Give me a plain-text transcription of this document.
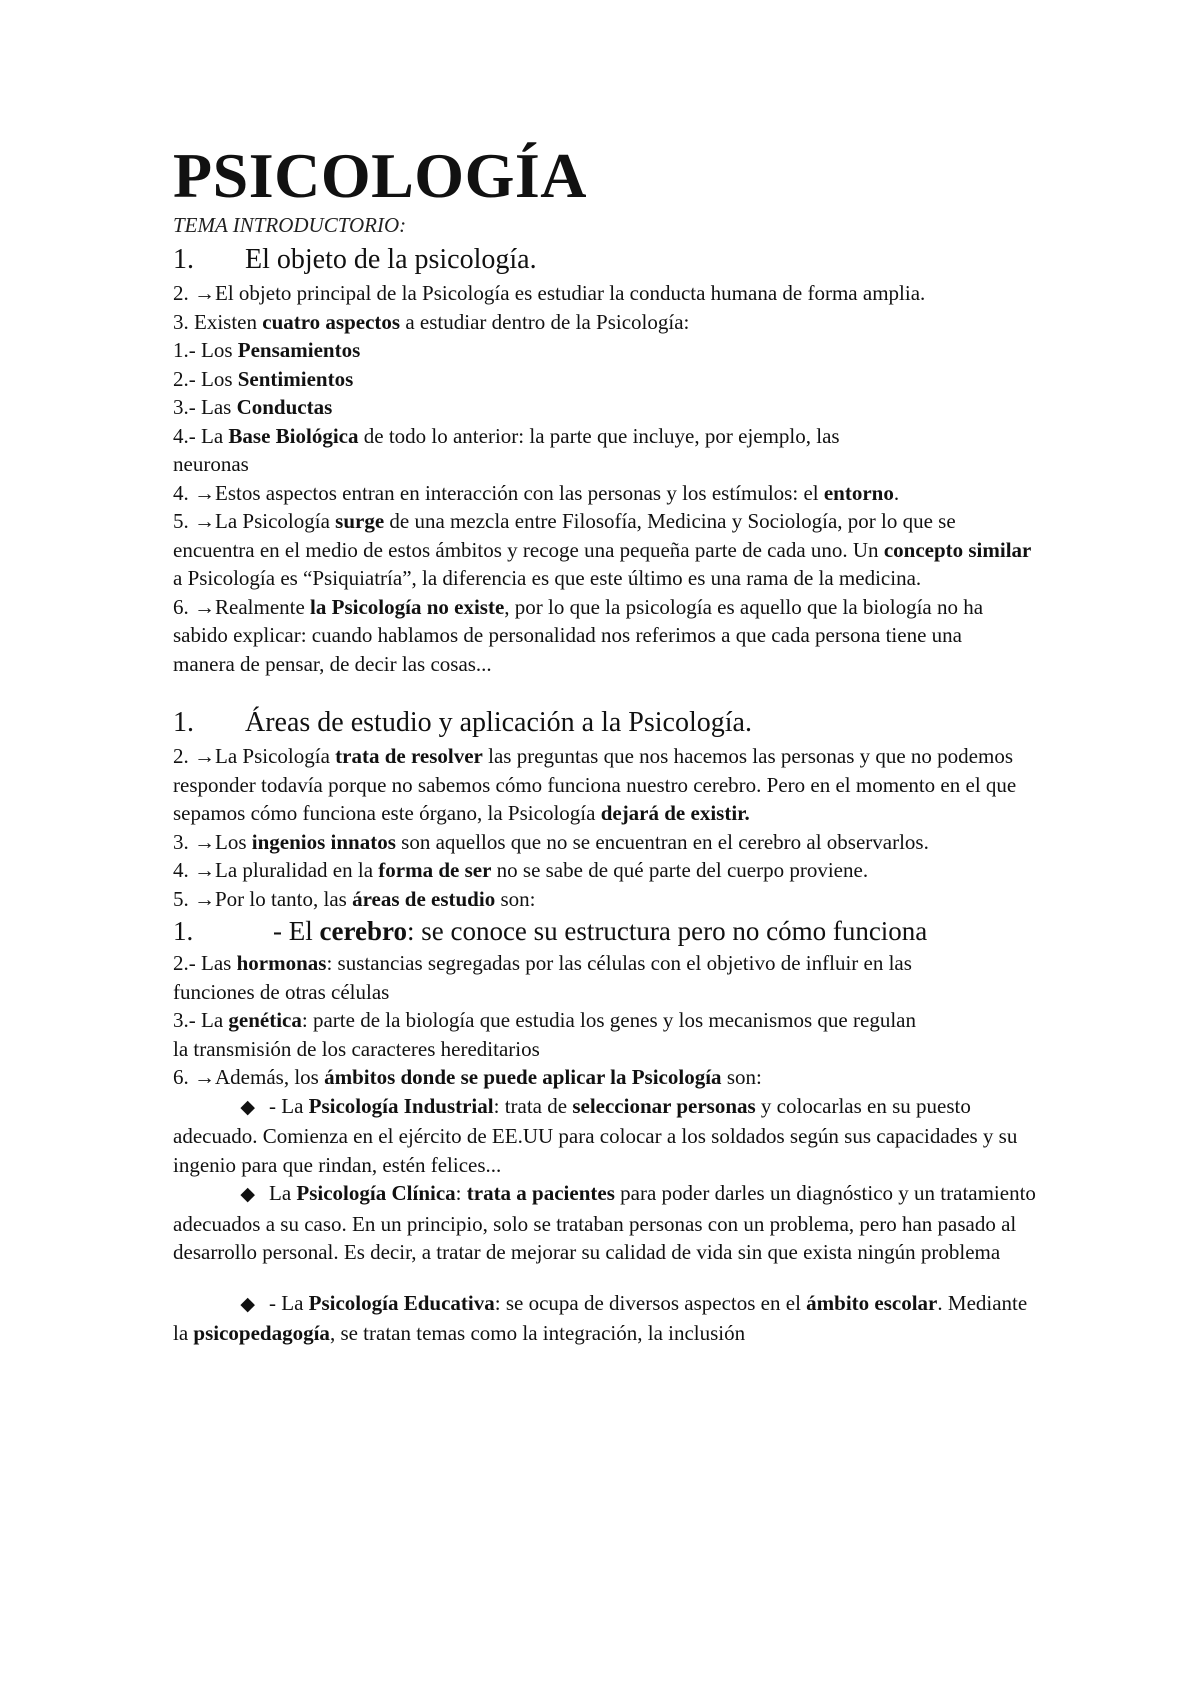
PSICOLOGÍA

TEMA INTRODUCTORIO:

1.	El objeto de la psicología.

2. →El objeto principal de la Psicología es estudiar la conducta humana de forma amplia.

3. Existen cuatro aspectos a estudiar dentro de la Psicología:

1.- Los Pensamientos

2.- Los Sentimientos

3.- Las Conductas

4.- La Base Biológica de todo lo anterior: la parte que incluye, por ejemplo, las neuronas

4. →Estos aspectos entran en interacción con las personas y los estímulos: el entorno.

5. →La Psicología surge de una mezcla entre Filosofía, Medicina y Sociología, por lo que se encuentra en el medio de estos ámbitos y recoge una pequeña parte de cada uno. Un concepto similar a Psicología es “Psiquiatría”, la diferencia es que este último es una rama de la medicina.

6. →Realmente la Psicología no existe, por lo que la psicología es aquello que la biología no ha sabido explicar: cuando hablamos de personalidad nos referimos a que cada persona tiene una manera de pensar, de decir las cosas...

1.	Áreas de estudio y aplicación a la Psicología.

2. →La Psicología trata de resolver las preguntas que nos hacemos las personas y que no podemos responder todavía porque no sabemos cómo funciona nuestro cerebro. Pero en el momento en el que sepamos cómo funciona este órgano, la Psicología dejará de existir.

3. →Los ingenios innatos son aquellos que no se encuentran en el cerebro al observarlos.

4. →La pluralidad en la forma de ser no se sabe de qué parte del cuerpo proviene.

5. →Por lo tanto, las áreas de estudio son:

1.	- El cerebro: se conoce su estructura pero no cómo funciona

2.- Las hormonas: sustancias segregadas por las células con el objetivo de influir en las funciones de otras células

3.- La genética: parte de la biología que estudia los genes y los mecanismos que regulan la transmisión de los caracteres hereditarios

6. →Además, los ámbitos donde se puede aplicar la Psicología son:

◆ - La Psicología Industrial: trata de seleccionar personas y colocarlas en su puesto adecuado. Comienza en el ejército de EE.UU para colocar a los soldados según sus capacidades y su ingenio para que rindan, estén felices...

◆ La Psicología Clínica: trata a pacientes para poder darles un diagnóstico y un tratamiento adecuados a su caso. En un principio, solo se trataban personas con un problema, pero han pasado al desarrollo personal. Es decir, a tratar de mejorar su calidad de vida sin que exista ningún problema

◆ - La Psicología Educativa: se ocupa de diversos aspectos en el ámbito escolar. Mediante la psicopedagogía, se tratan temas como la integración, la inclusión
